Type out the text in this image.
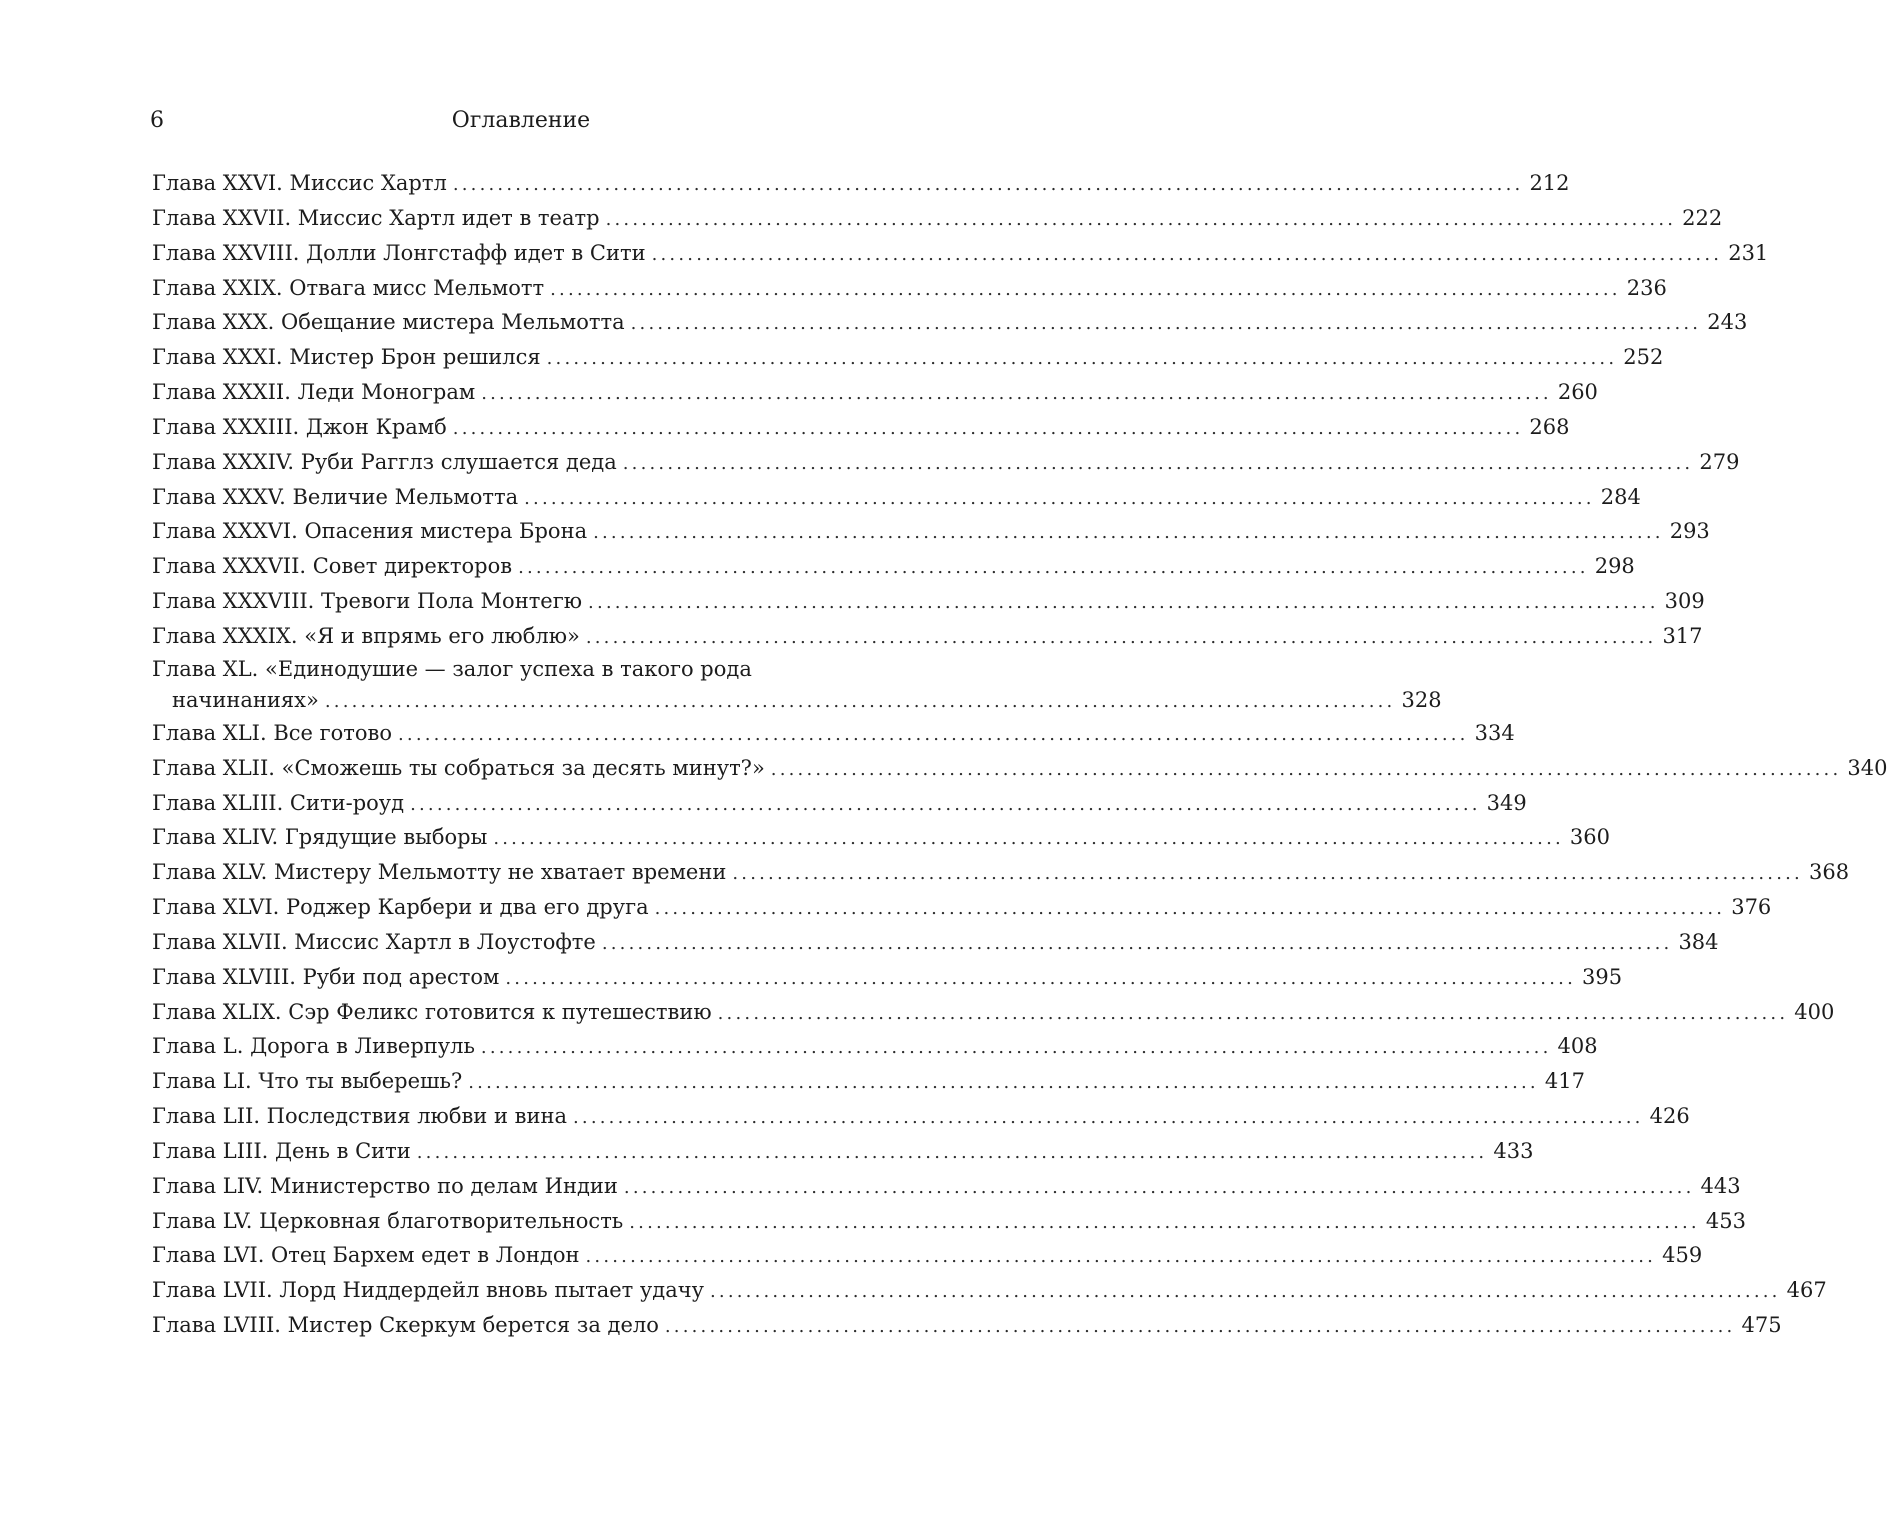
6	Оглавление
Глава XXVI. Миссис Хартл ........................................................................................................................ 212
Глава XXVII. Миссис Хартл идет в театр ........................................................................................................................ 222
Глава XXVIII. Долли Лонгстафф идет в Сити ........................................................................................................................ 231
Глава XXIX. Отвага мисс Мельмотт ........................................................................................................................ 236
Глава XXX. Обещание мистера Мельмотта ........................................................................................................................ 243
Глава XXXI. Мистер Брон решился ........................................................................................................................ 252
Глава XXXII. Леди Монограм ........................................................................................................................ 260
Глава XXXIII. Джон Крамб ........................................................................................................................ 268
Глава XXXIV. Руби Рагглз слушается деда ........................................................................................................................ 279
Глава XXXV. Величие Мельмотта ........................................................................................................................ 284
Глава XXXVI. Опасения мистера Брона ........................................................................................................................ 293
Глава XXXVII. Совет директоров ........................................................................................................................ 298
Глава XXXVIII. Тревоги Пола Монтегю ........................................................................................................................ 309
Глава XXXIX. «Я и впрямь его люблю» ........................................................................................................................ 317
Глава XL. «Единодушие — залог успеха в такого рода
начинаниях» ........................................................................................................................ 328
Глава XLI. Все готово ........................................................................................................................ 334
Глава XLII. «Сможешь ты собраться за десять минут?» ........................................................................................................................ 340
Глава XLIII. Сити-роуд ........................................................................................................................ 349
Глава XLIV. Грядущие выборы ........................................................................................................................ 360
Глава XLV. Мистеру Мельмотту не хватает времени ........................................................................................................................ 368
Глава XLVI. Роджер Карбери и два его друга ........................................................................................................................ 376
Глава XLVII. Миссис Хартл в Лоустофте ........................................................................................................................ 384
Глава XLVIII. Руби под арестом ........................................................................................................................ 395
Глава XLIX. Сэр Феликс готовится к путешествию ........................................................................................................................ 400
Глава L. Дорога в Ливерпуль ........................................................................................................................ 408
Глава LI. Что ты выберешь? ........................................................................................................................ 417
Глава LII. Последствия любви и вина ........................................................................................................................ 426
Глава LIII. День в Сити ........................................................................................................................ 433
Глава LIV. Министерство по делам Индии ........................................................................................................................ 443
Глава LV. Церковная благотворительность ........................................................................................................................ 453
Глава LVI. Отец Бархем едет в Лондон ........................................................................................................................ 459
Глава LVII. Лорд Ниддердейл вновь пытает удачу ........................................................................................................................ 467
Глава LVIII. Мистер Скеркум берется за дело ........................................................................................................................ 475
